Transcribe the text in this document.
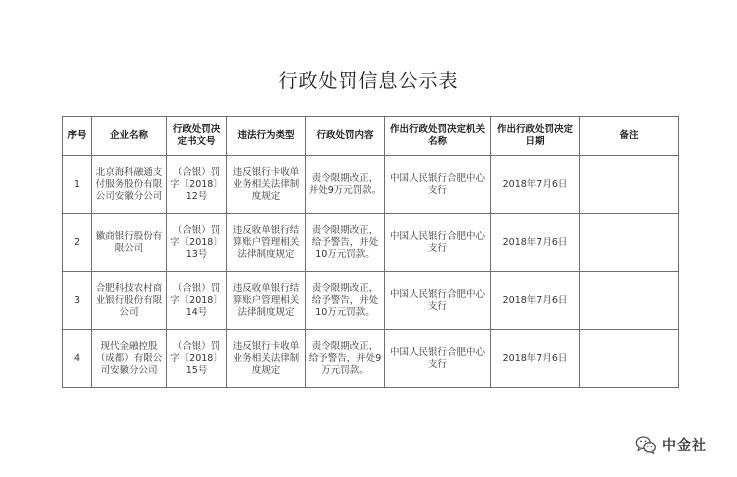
行政处罚信息公示表
序号	企业名称	行政处罚决定书文号	违法行为类型	行政处罚内容	作出行政处罚决定机关名称	作出行政处罚决定日期	备注
1	北京海科融通支付服务股份有限公司安徽分公司	（合银）罚字〔2018〕12号	违反银行卡收单业务相关法律制度规定	责令限期改正，并处9万元罚款。	中国人民银行合肥中心支行	2018年7月6日	
2	徽商银行股份有限公司	（合银）罚字〔2018〕13号	违反收单银行结算账户管理相关法律制度规定	责令限期改正，给予警告，并处10万元罚款。	中国人民银行合肥中心支行	2018年7月6日	
3	合肥科技农村商业银行股份有限公司	（合银）罚字〔2018〕14号	违反收单银行结算账户管理相关法律制度规定	责令限期改正，给予警告，并处10万元罚款。	中国人民银行合肥中心支行	2018年7月6日	
4	现代金融控股（成都）有限公司安徽分公司	（合银）罚字〔2018〕15号	违反银行卡收单业务相关法律制度规定	责令限期改正，给予警告，并处9万元罚款。	中国人民银行合肥中心支行	2018年7月6日	
中金社
